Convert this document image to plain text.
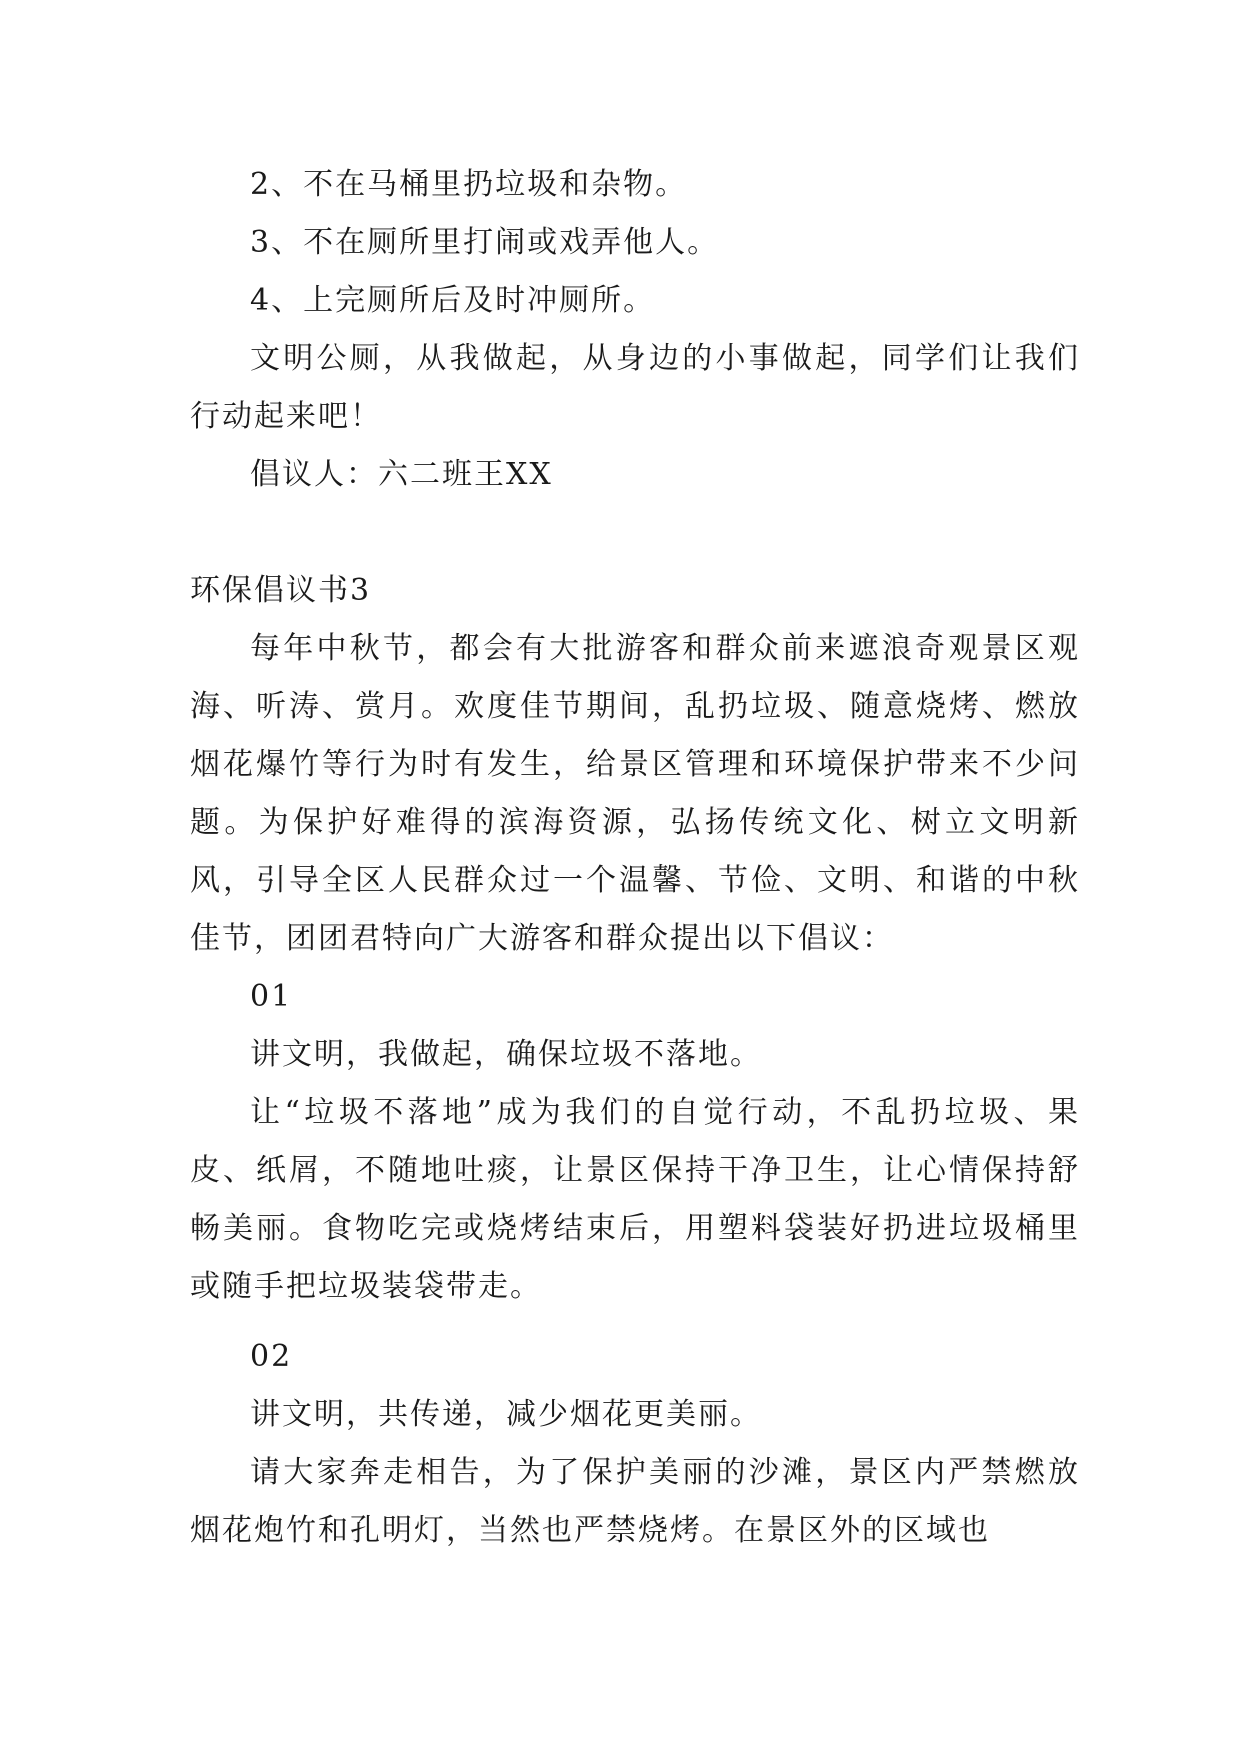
2、不在马桶里扔垃圾和杂物。

3、不在厕所里打闹或戏弄他人。

4、上完厕所后及时冲厕所。

文明公厕，从我做起，从身边的小事做起，同学们让我们行动起来吧！

倡议人：六二班王XX

环保倡议书3

每年中秋节，都会有大批游客和群众前来遮浪奇观景区观海、听涛、赏月。欢度佳节期间，乱扔垃圾、随意烧烤、燃放烟花爆竹等行为时有发生，给景区管理和环境保护带来不少问题。为保护好难得的滨海资源，弘扬传统文化、树立文明新风，引导全区人民群众过一个温馨、节俭、文明、和谐的中秋佳节，团团君特向广大游客和群众提出以下倡议：

01

讲文明，我做起，确保垃圾不落地。

让“垃圾不落地”成为我们的自觉行动，不乱扔垃圾、果皮、纸屑，不随地吐痰，让景区保持干净卫生，让心情保持舒畅美丽。食物吃完或烧烤结束后，用塑料袋装好扔进垃圾桶里或随手把垃圾装袋带走。

02

讲文明，共传递，减少烟花更美丽。

请大家奔走相告，为了保护美丽的沙滩，景区内严禁燃放烟花炮竹和孔明灯，当然也严禁烧烤。在景区外的区域也
